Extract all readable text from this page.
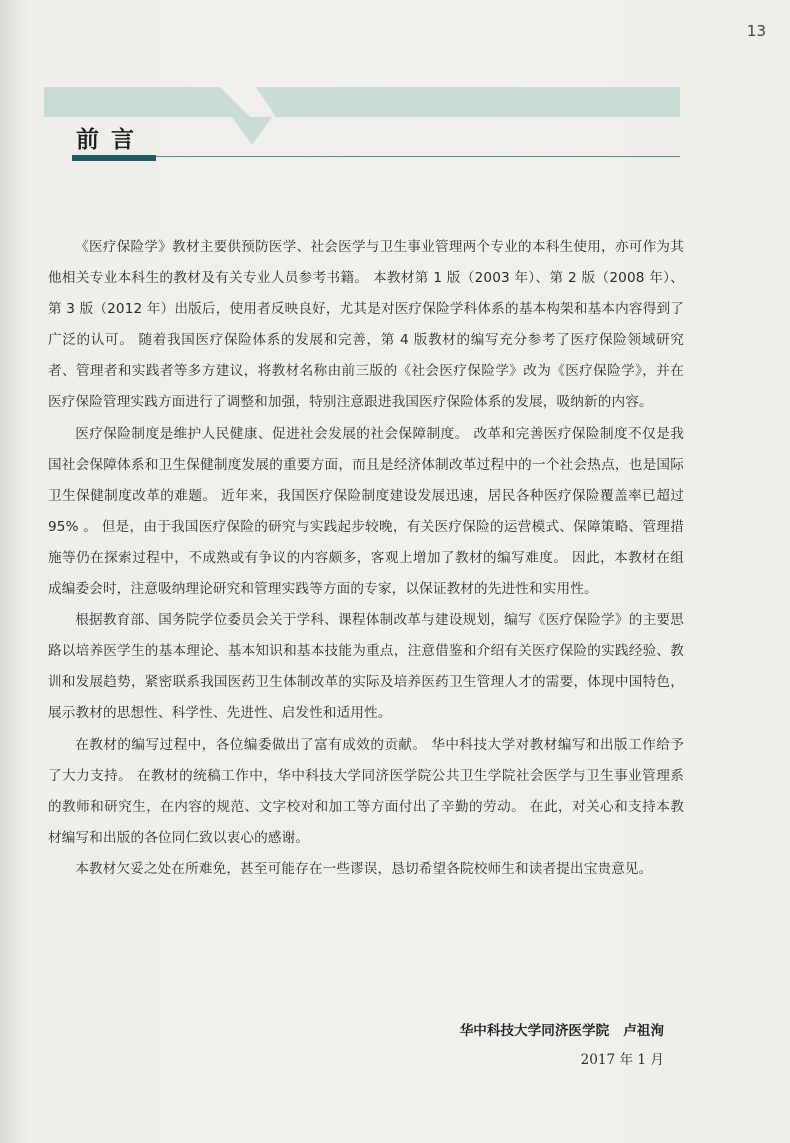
13
前言

《医疗保险学》教材主要供预防医学、社会医学与卫生事业管理两个专业的本科生使用，亦可作为其他相关专业本科生的教材及有关专业人员参考书籍。 本教材第 1 版（2003 年）、第 2 版（2008 年）、第 3 版（2012 年）出版后，使用者反映良好，尤其是对医疗保险学科体系的基本构架和基本内容得到了广泛的认可。 随着我国医疗保险体系的发展和完善，第 4 版教材的编写充分参考了医疗保险领域研究者、管理者和实践者等多方建议，将教材名称由前三版的《社会医疗保险学》改为《医疗保险学》，并在医疗保险管理实践方面进行了调整和加强，特别注意跟进我国医疗保险体系的发展，吸纳新的内容。

医疗保险制度是维护人民健康、促进社会发展的社会保障制度。 改革和完善医疗保险制度不仅是我国社会保障体系和卫生保健制度发展的重要方面，而且是经济体制改革过程中的一个社会热点，也是国际卫生保健制度改革的难题。 近年来，我国医疗保险制度建设发展迅速，居民各种医疗保险覆盖率已超过 95% 。 但是，由于我国医疗保险的研究与实践起步较晚，有关医疗保险的运营模式、保障策略、管理措施等仍在探索过程中，不成熟或有争议的内容颇多，客观上增加了教材的编写难度。 因此，本教材在组成编委会时，注意吸纳理论研究和管理实践等方面的专家，以保证教材的先进性和实用性。

根据教育部、国务院学位委员会关于学科、课程体制改革与建设规划，编写《医疗保险学》的主要思路以培养医学生的基本理论、基本知识和基本技能为重点，注意借鉴和介绍有关医疗保险的实践经验、教训和发展趋势，紧密联系我国医药卫生体制改革的实际及培养医药卫生管理人才的需要，体现中国特色，展示教材的思想性、科学性、先进性、启发性和适用性。

在教材的编写过程中，各位编委做出了富有成效的贡献。 华中科技大学对教材编写和出版工作给予了大力支持。 在教材的统稿工作中，华中科技大学同济医学院公共卫生学院社会医学与卫生事业管理系的教师和研究生，在内容的规范、文字校对和加工等方面付出了辛勤的劳动。 在此，对关心和支持本教材编写和出版的各位同仁致以衷心的感谢。

本教材欠妥之处在所难免，甚至可能存在一些谬误，恳切希望各院校师生和读者提出宝贵意见。

华中科技大学同济医学院 卢祖洵
2017 年 1 月
